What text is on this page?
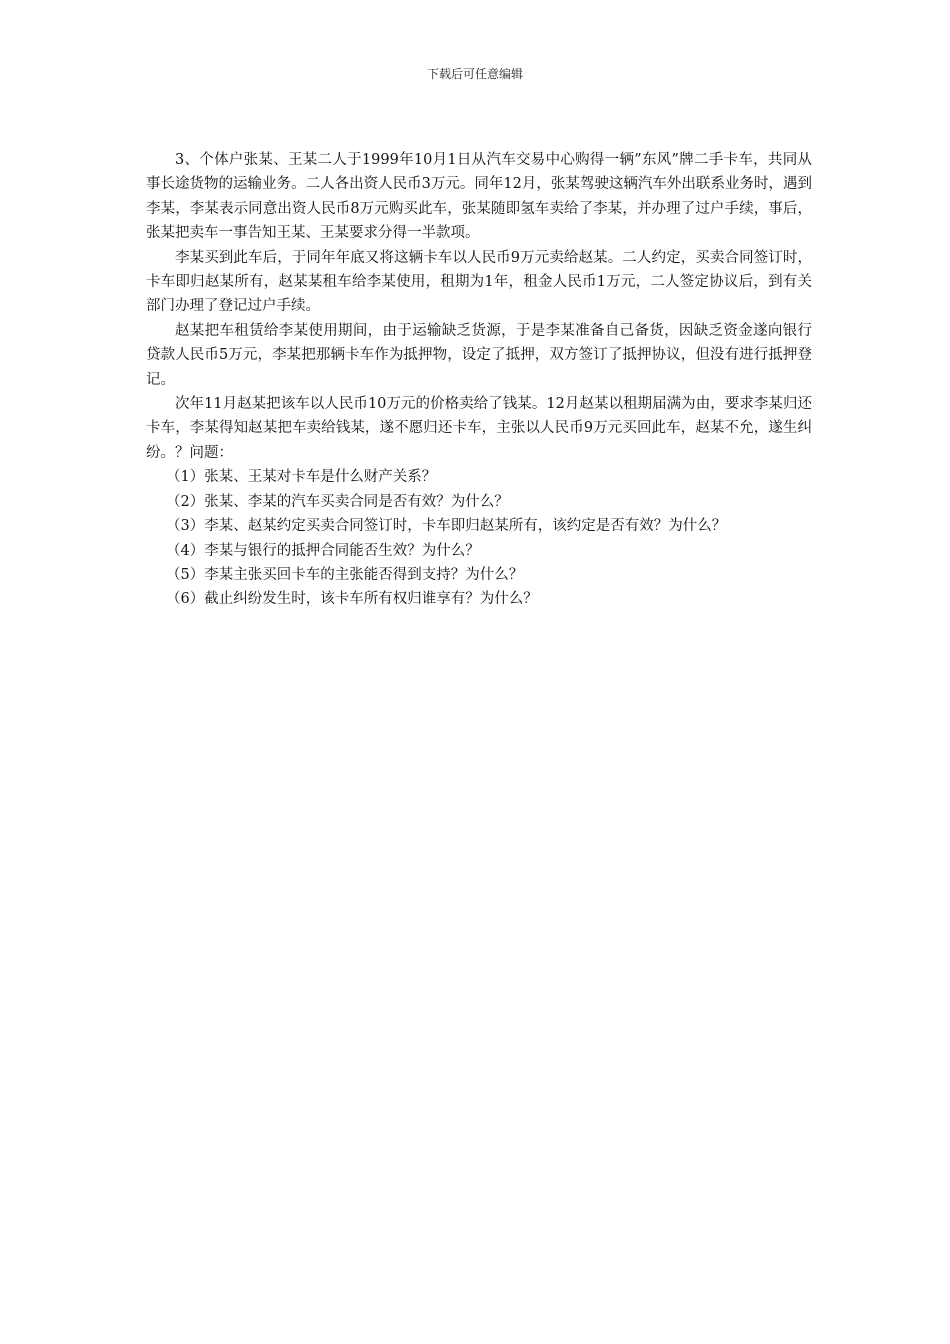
下载后可任意编辑

3、个体户张某、王某二人于1999年10月1日从汽车交易中心购得一辆”东风”牌二手卡车，共同从事长途货物的运输业务。二人各出资人民币3万元。同年12月，张某驾驶这辆汽车外出联系业务时，遇到李某，李某表示同意出资人民币8万元购买此车，张某随即氢车卖给了李某，并办理了过户手续，事后，张某把卖车一事告知王某、王某要求分得一半款项。

李某买到此车后，于同年年底又将这辆卡车以人民币9万元卖给赵某。二人约定，买卖合同签订时，卡车即归赵某所有，赵某某租车给李某使用，租期为1年，租金人民币1万元，二人签定协议后，到有关部门办理了登记过户手续。

赵某把车租赁给李某使用期间，由于运输缺乏货源，于是李某准备自己备货，因缺乏资金遂向银行贷款人民币5万元，李某把那辆卡车作为抵押物，设定了抵押，双方签订了抵押协议，但没有进行抵押登记。

次年11月赵某把该车以人民币10万元的价格卖给了钱某。12月赵某以租期届满为由，要求李某归还卡车，李某得知赵某把车卖给钱某，遂不愿归还卡车，主张以人民币9万元买回此车，赵某不允，遂生纠纷。？问题：

（1）张某、王某对卡车是什么财产关系？
（2）张某、李某的汽车买卖合同是否有效？为什么？
（3）李某、赵某约定买卖合同签订时，卡车即归赵某所有，该约定是否有效？为什么？
（4）李某与银行的抵押合同能否生效？为什么？
（5）李某主张买回卡车的主张能否得到支持？为什么？
（6）截止纠纷发生时，该卡车所有权归谁享有？为什么？
